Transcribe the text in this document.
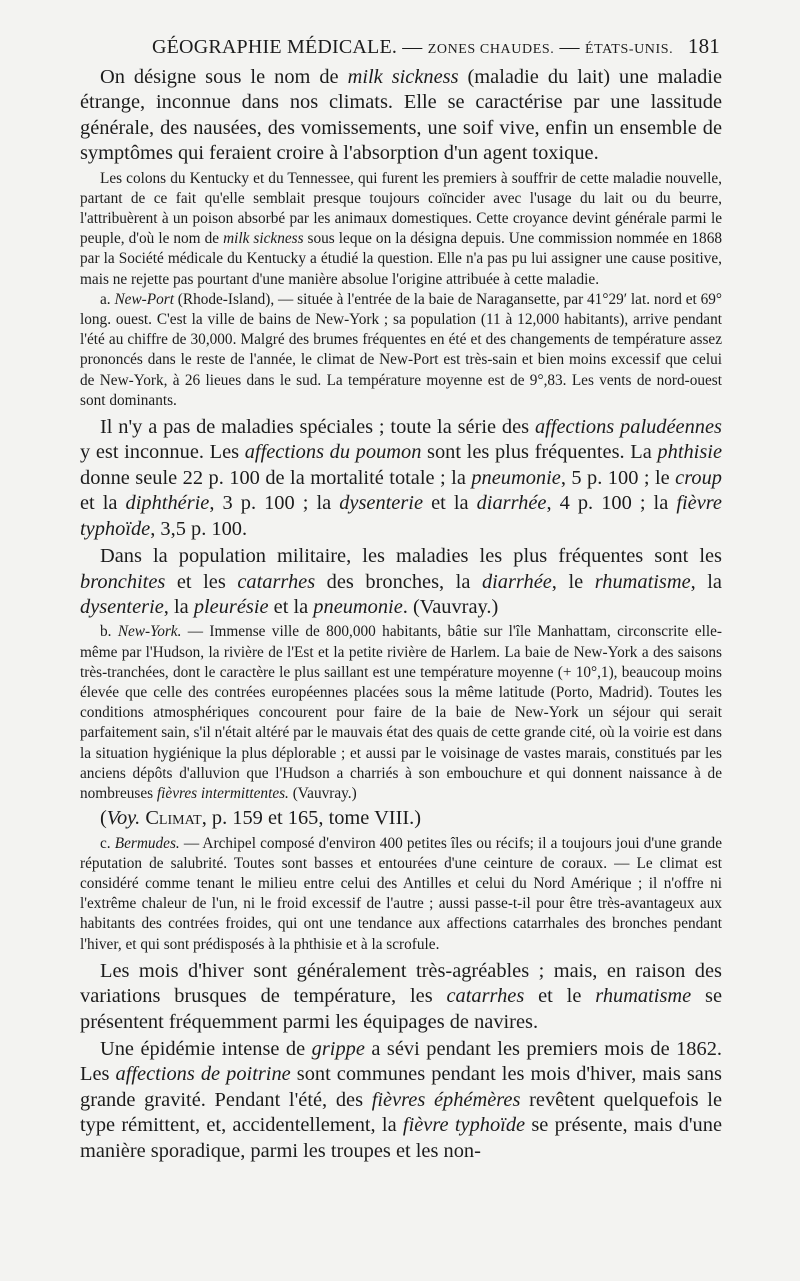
GÉOGRAPHIE MÉDICALE. — ZONES CHAUDES. — ÉTATS-UNIS. 181

On désigne sous le nom de milk sickness (maladie du lait) une maladie étrange, inconnue dans nos climats. Elle se caractérise par une lassitude générale, des nausées, des vomissements, une soif vive, enfin un ensemble de symptômes qui feraient croire à l'absorption d'un agent toxique.

Les colons du Kentucky et du Tennessee, qui furent les premiers à souffrir de cette maladie nouvelle, partant de ce fait qu'elle semblait presque toujours coïncider avec l'usage du lait ou du beurre, l'attribuèrent à un poison absorbé par les animaux domestiques. Cette croyance devint générale parmi le peuple, d'où le nom de milk sickness sous leque on la désigna depuis. Une commission nommée en 1868 par la Société médicale du Kentucky a étudié la question. Elle n'a pas pu lui assigner une cause positive, mais ne rejette pas pourtant d'une manière absolue l'origine attribuée à cette maladie.

a. New-Port (Rhode-Island), — située à l'entrée de la baie de Naragansette, par 41°29′ lat. nord et 69° long. ouest. C'est la ville de bains de New-York ; sa population (11 à 12,000 habitants), arrive pendant l'été au chiffre de 30,000. Malgré des brumes fréquentes en été et des changements de température assez prononcés dans le reste de l'année, le climat de New-Port est très-sain et bien moins excessif que celui de New-York, à 26 lieues dans le sud. La température moyenne est de 9°,83. Les vents de nord-ouest sont dominants.

Il n'y a pas de maladies spéciales ; toute la série des affections paludéennes y est inconnue. Les affections du poumon sont les plus fréquentes. La phthisie donne seule 22 p. 100 de la mortalité totale ; la pneumonie, 5 p. 100 ; le croup et la diphthérie, 3 p. 100 ; la dysenterie et la diarrhée, 4 p. 100 ; la fièvre typhoïde, 3,5 p. 100.

Dans la population militaire, les maladies les plus fréquentes sont les bronchites et les catarrhes des bronches, la diarrhée, le rhumatisme, la dysenterie, la pleurésie et la pneumonie. (Vauvray.)

b. New-York. — Immense ville de 800,000 habitants, bâtie sur l'île Manhattam, circonscrite elle-même par l'Hudson, la rivière de l'Est et la petite rivière de Harlem. La baie de New-York a des saisons très-tranchées, dont le caractère le plus saillant est une température moyenne (+ 10°,1), beaucoup moins élevée que celle des contrées européennes placées sous la même latitude (Porto, Madrid). Toutes les conditions atmosphériques concourent pour faire de la baie de New-York un séjour qui serait parfaitement sain, s'il n'était altéré par le mauvais état des quais de cette grande cité, où la voirie est dans la situation hygiénique la plus déplorable ; et aussi par le voisinage de vastes marais, constitués par les anciens dépôts d'alluvion que l'Hudson a charriés à son embouchure et qui donnent naissance à de nombreuses fièvres intermittentes. (Vauvray.)

(Voy. Climat, p. 159 et 165, tome VIII.)

c. Bermudes. — Archipel composé d'environ 400 petites îles ou récifs; il a toujours joui d'une grande réputation de salubrité. Toutes sont basses et entourées d'une ceinture de coraux. — Le climat est considéré comme tenant le milieu entre celui des Antilles et celui du Nord Amérique ; il n'offre ni l'extrême chaleur de l'un, ni le froid excessif de l'autre ; aussi passe-t-il pour être très-avantageux aux habitants des contrées froides, qui ont une tendance aux affections catarrhales des bronches pendant l'hiver, et qui sont prédisposés à la phthisie et à la scrofule.

Les mois d'hiver sont généralement très-agréables ; mais, en raison des variations brusques de température, les catarrhes et le rhumatisme se présentent fréquemment parmi les équipages de navires.

Une épidémie intense de grippe a sévi pendant les premiers mois de 1862. Les affections de poitrine sont communes pendant les mois d'hiver, mais sans grande gravité. Pendant l'été, des fièvres éphémères revêtent quelquefois le type rémittent, et, accidentellement, la fièvre typhoïde se présente, mais d'une manière sporadique, parmi les troupes et les non-
